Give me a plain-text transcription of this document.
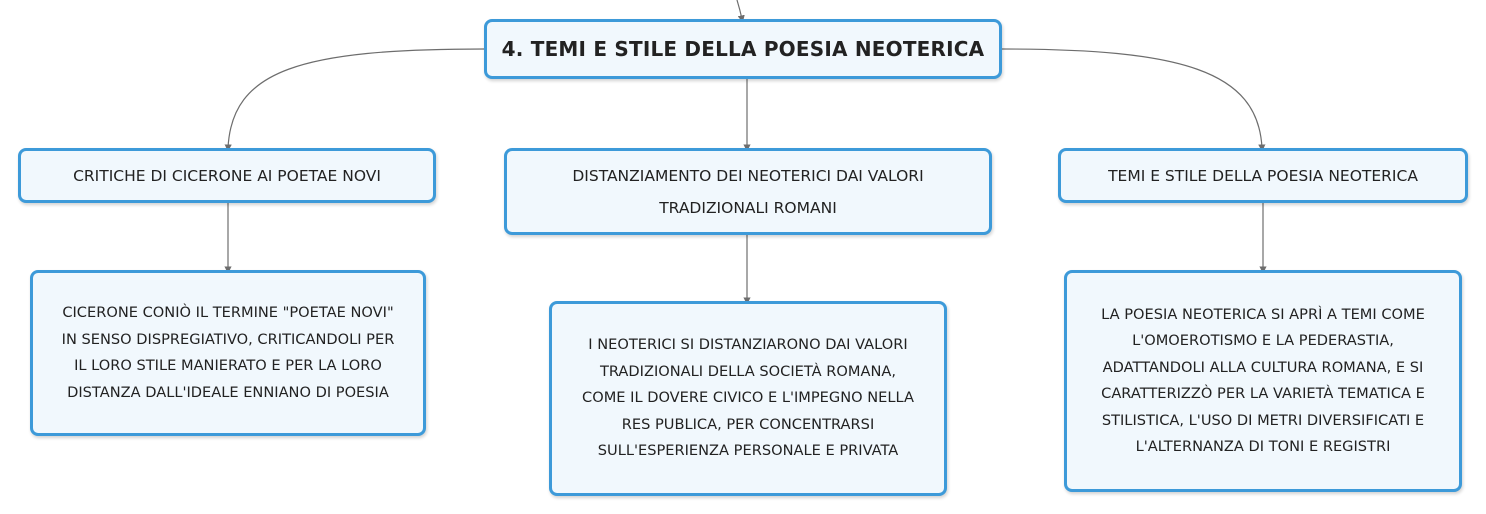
4. TEMI E STILE DELLA POESIA NEOTERICA
CRITICHE DI CICERONE AI POETAE NOVI	DISTANZIAMENTO DEI NEOTERICI DAI VALORI
TRADIZIONALI ROMANI
TEMI E STILE DELLA POESIA NEOTERICA
CICERONE CONIÒ IL TERMINE "POETAE NOVI"
IN SENSO DISPREGIATIVO, CRITICANDOLI PER
IL LORO STILE MANIERATO E PER LA LORO
DISTANZA DALL'IDEALE ENNIANO DI POESIA
I NEOTERICI SI DISTANZIARONO DAI VALORI
TRADIZIONALI DELLA SOCIETÀ ROMANA,
COME IL DOVERE CIVICO E L'IMPEGNO NELLA
RES PUBLICA, PER CONCENTRARSI
SULL'ESPERIENZA PERSONALE E PRIVATA
LA POESIA NEOTERICA SI APRÌ A TEMI COME
L'OMOEROTISMO E LA PEDERASTIA,
ADATTANDOLI ALLA CULTURA ROMANA, E SI
CARATTERIZZÒ PER LA VARIETÀ TEMATICA E
STILISTICA, L'USO DI METRI DIVERSIFICATI E
L'ALTERNANZA DI TONI E REGISTRI
